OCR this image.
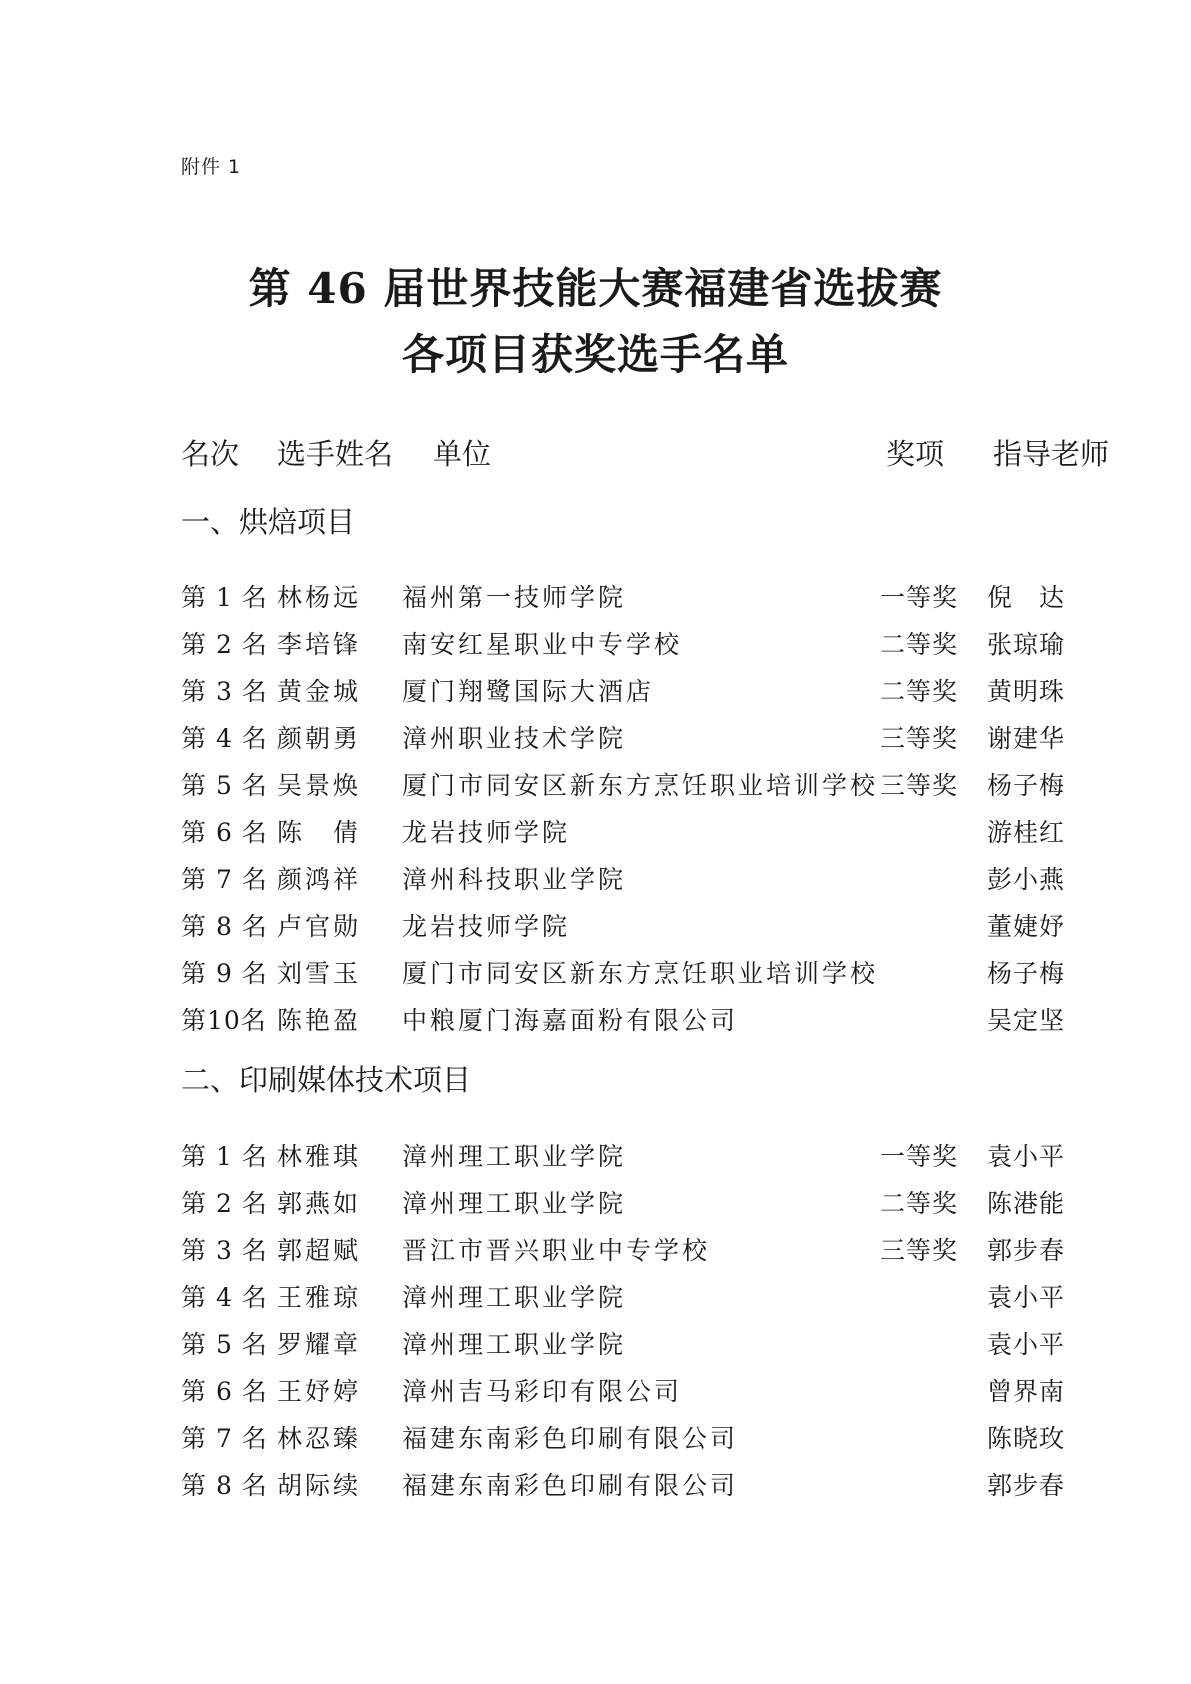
附件 1
第 46 届世界技能大赛福建省选拔赛
各项目获奖选手名单
名次 选手姓名 单位	奖项 指导老师
一、烘焙项目
第 1 名 林杨远 福州第一技师学院	一等奖 倪　达
第 2 名 李培锋 南安红星职业中专学校	二等奖 张琼瑜
第 3 名 黄金城 厦门翔鹭国际大酒店	二等奖 黄明珠
第 4 名 颜朝勇 漳州职业技术学院	三等奖 谢建华
第 5 名 吴景焕 厦门市同安区新东方烹饪职业培训学校 三等奖 杨子梅
第 6 名 陈　倩 龙岩技师学院	游桂红
第 7 名 颜鸿祥 漳州科技职业学院	彭小燕
第 8 名 卢官勋 龙岩技师学院	董婕妤
第 9 名 刘雪玉 厦门市同安区新东方烹饪职业培训学校	杨子梅
第10名 陈艳盈 中粮厦门海嘉面粉有限公司	吴定坚
二、印刷媒体技术项目
第 1 名 林雅琪 漳州理工职业学院	一等奖 袁小平
第 2 名 郭燕如 漳州理工职业学院	二等奖 陈港能
第 3 名 郭超赋 晋江市晋兴职业中专学校	三等奖 郭步春
第 4 名 王雅琼 漳州理工职业学院	袁小平
第 5 名 罗耀章 漳州理工职业学院	袁小平
第 6 名 王妤婷 漳州吉马彩印有限公司	曾界南
第 7 名 林忍臻 福建东南彩色印刷有限公司	陈晓玫
第 8 名 胡际续 福建东南彩色印刷有限公司	郭步春
